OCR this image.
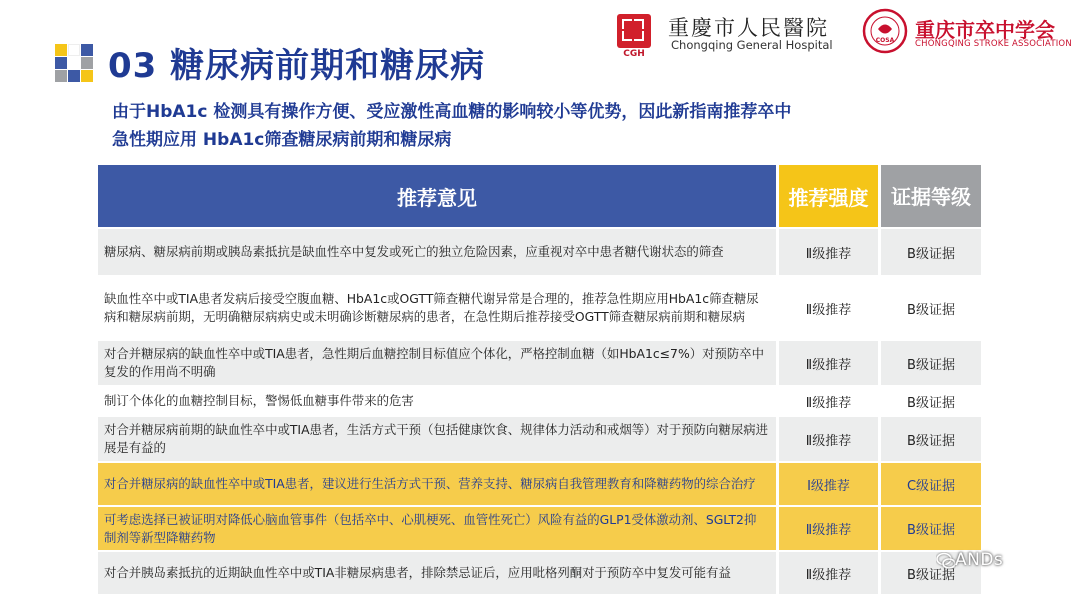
03 糖尿病前期和糖尿病	CGH
重慶市人民醫院
Chongqing General Hospital	COSA 重庆市卒中学会
CHONGQING STROKE ASSOCIATION
由于HbA1c 检测具有操作方便、受应激性高血糖的影响较小等优势，因此新指南推荐卒中
急性期应用 HbA1c筛查糖尿病前期和糖尿病
推荐意见	推荐强度	证据等级
糖尿病、糖尿病前期或胰岛素抵抗是缺血性卒中复发或死亡的独立危险因素，应重视对卒中患者糖代谢状态的筛查	Ⅱ级推荐	B级证据
缺血性卒中或TIA患者发病后接受空腹血糖、HbA1c或OGTT筛查糖代谢异常是合理的，推荐急性期应用HbA1c筛查糖尿病和糖尿病前期，无明确糖尿病病史或未明确诊断糖尿病的患者，在急性期后推荐接受OGTT筛查糖尿病前期和糖尿病	Ⅱ级推荐	B级证据
对合并糖尿病的缺血性卒中或TIA患者，急性期后血糖控制目标值应个体化，严格控制血糖（如HbA1c≤7%）对预防卒中复发的作用尚不明确	Ⅱ级推荐	B级证据
制订个体化的血糖控制目标，警惕低血糖事件带来的危害	Ⅱ级推荐	B级证据
对合并糖尿病前期的缺血性卒中或TIA患者，生活方式干预（包括健康饮食、规律体力活动和戒烟等）对于预防向糖尿病进展是有益的	Ⅱ级推荐	B级证据
对合并糖尿病的缺血性卒中或TIA患者，建议进行生活方式干预、营养支持、糖尿病自我管理教育和降糖药物的综合治疗	Ⅰ级推荐	C级证据
可考虑选择已被证明对降低心脑血管事件（包括卒中、心肌梗死、血管性死亡）风险有益的GLP1受体激动剂、SGLT2抑制剂等新型降糖药物	Ⅱ级推荐	B级证据
对合并胰岛素抵抗的近期缺血性卒中或TIA非糖尿病患者，排除禁忌证后，应用吡格列酮对于预防卒中复发可能有益	Ⅱ级推荐	B级证据
ANDs
